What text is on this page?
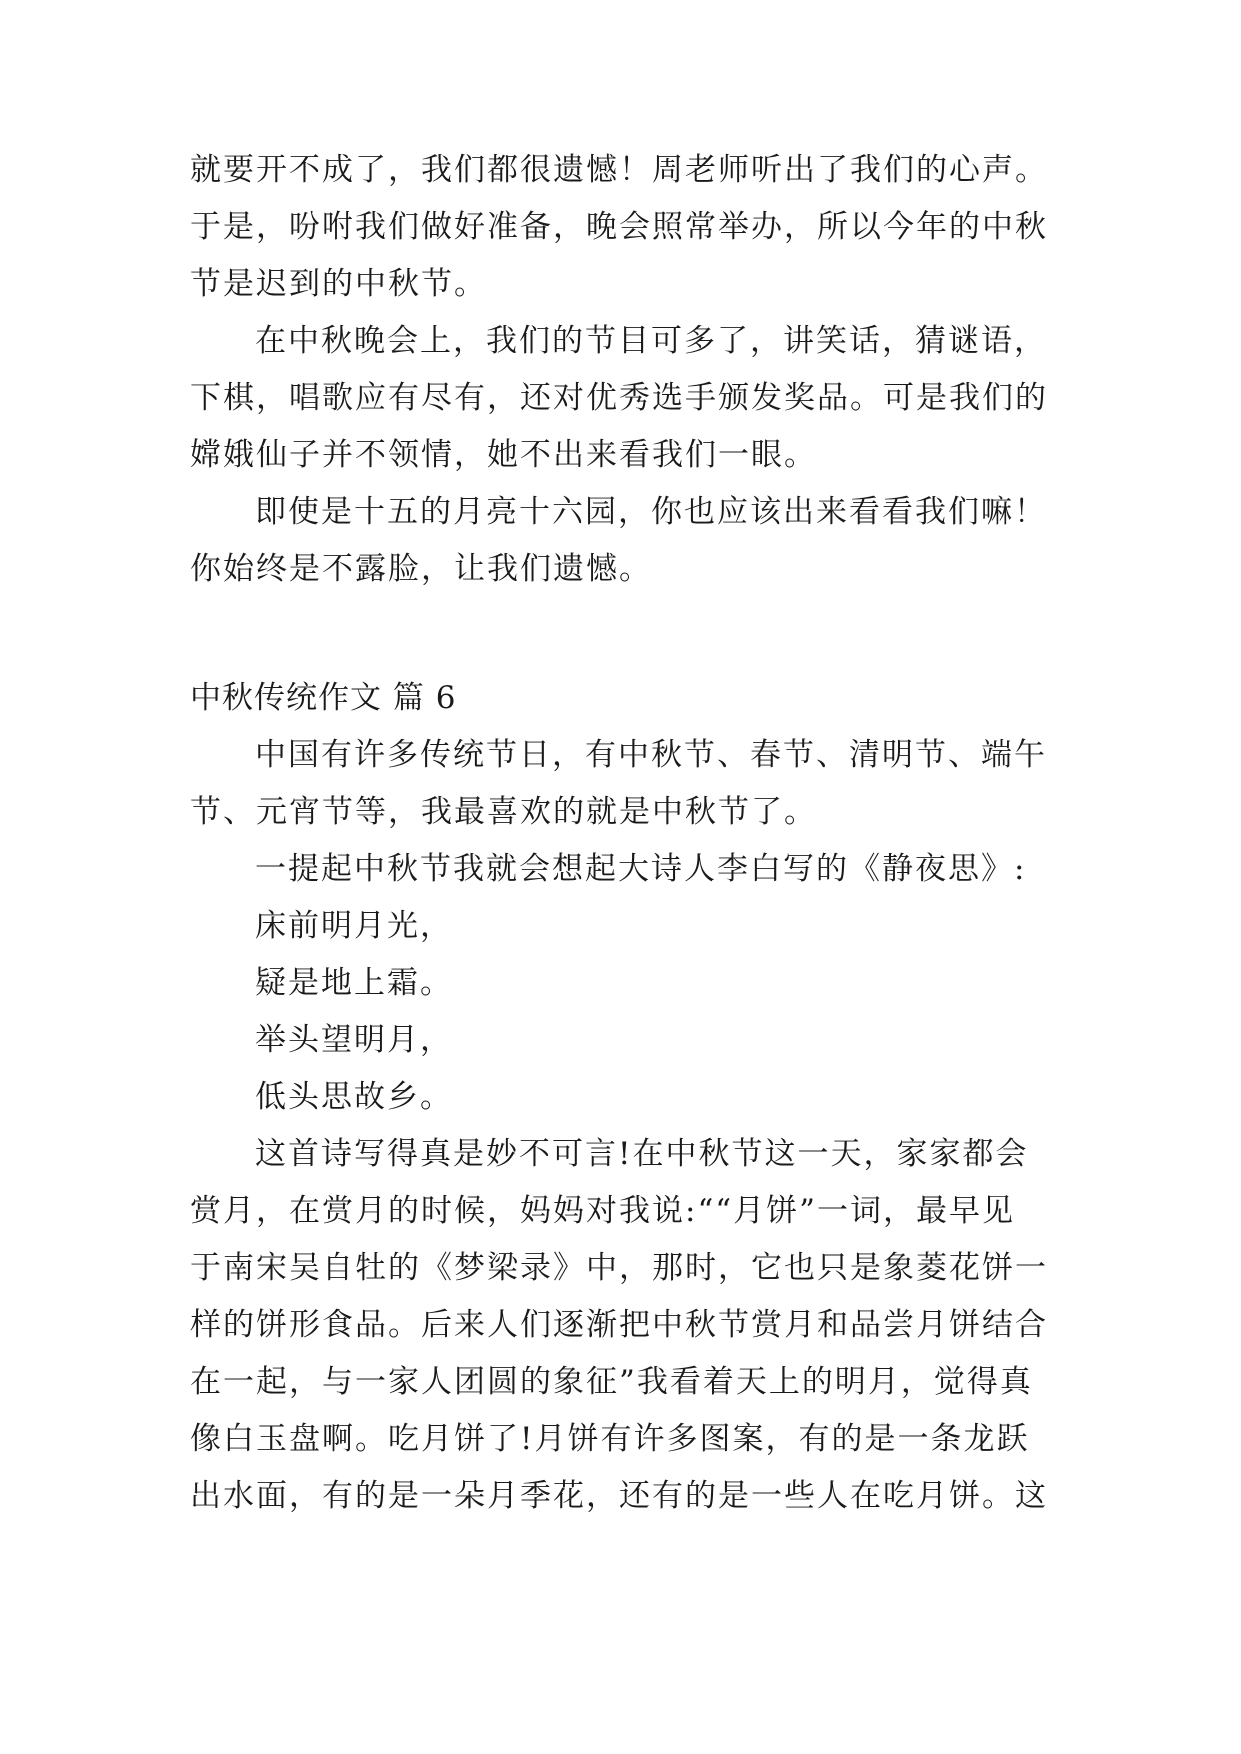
就要开不成了，我们都很遗憾！周老师听出了我们的心声。
于是，吩咐我们做好准备，晚会照常举办，所以今年的中秋
节是迟到的中秋节。
在中秋晚会上，我们的节目可多了，讲笑话，猜谜语，
下棋，唱歌应有尽有，还对优秀选手颁发奖品。可是我们的
嫦娥仙子并不领情，她不出来看我们一眼。
即使是十五的月亮十六园，你也应该出来看看我们嘛！
你始终是不露脸，让我们遗憾。
中秋传统作文 篇 6
中国有许多传统节日，有中秋节、春节、清明节、端午
节、元宵节等，我最喜欢的就是中秋节了。
一提起中秋节我就会想起大诗人李白写的《静夜思》:
床前明月光，
疑是地上霜。
举头望明月，
低头思故乡。
这首诗写得真是妙不可言!在中秋节这一天，家家都会
赏月，在赏月的时候，妈妈对我说:““月饼”一词，最早见
于南宋吴自牡的《梦梁录》中，那时，它也只是象菱花饼一
样的饼形食品。后来人们逐渐把中秋节赏月和品尝月饼结合
在一起，与一家人团圆的象征”我看着天上的明月，觉得真
像白玉盘啊。吃月饼了!月饼有许多图案，有的是一条龙跃
出水面，有的是一朵月季花，还有的是一些人在吃月饼。这
